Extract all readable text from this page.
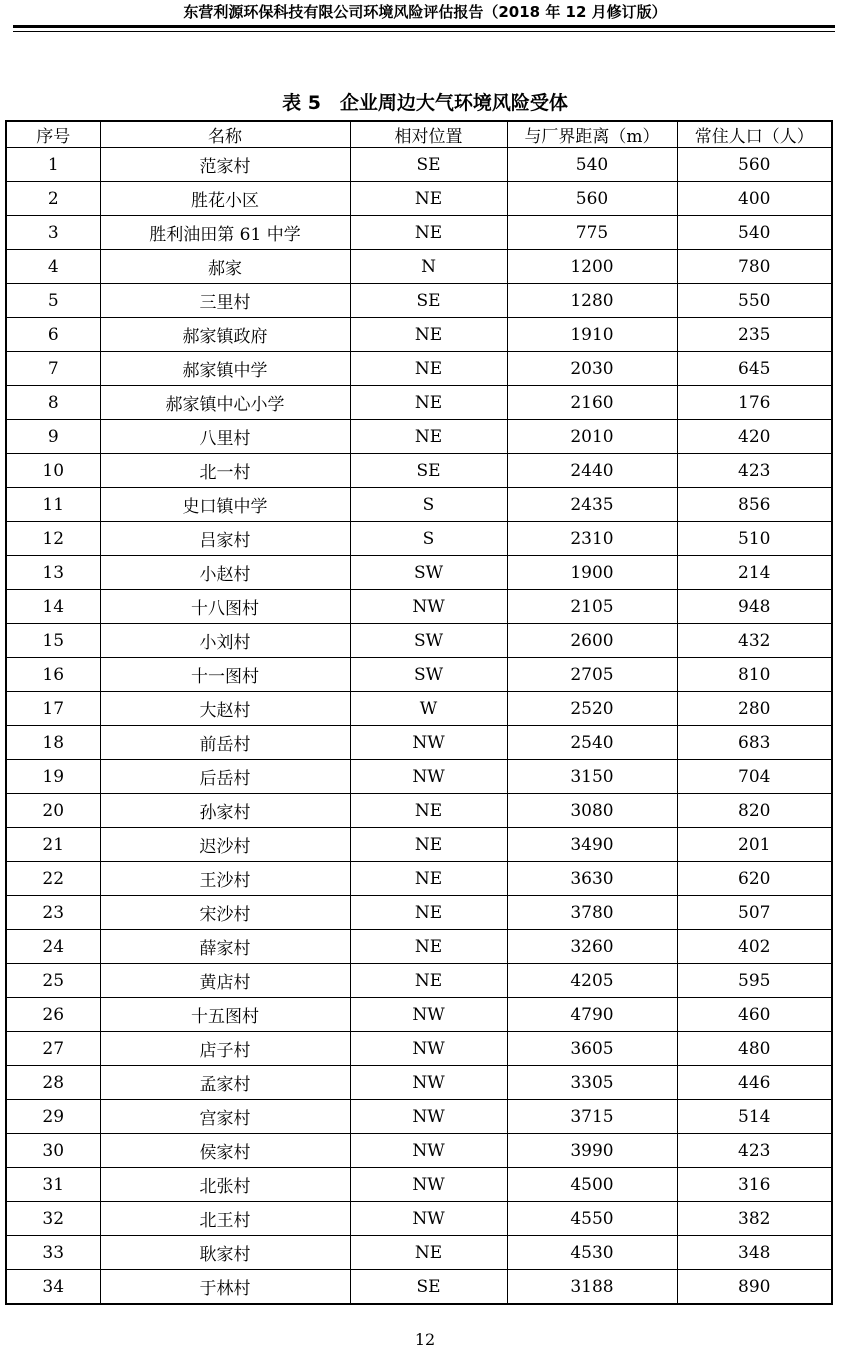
东营利源环保科技有限公司环境风险评估报告（2018 年 12 月修订版）
表 5　企业周边大气环境风险受体
序号	名称	相对位置	与厂界距离（m）	常住人口（人）
1	范家村	SE	540	560
2	胜花小区	NE	560	400
3	胜利油田第 61 中学	NE	775	540
4	郝家	N	1200	780
5	三里村	SE	1280	550
6	郝家镇政府	NE	1910	235
7	郝家镇中学	NE	2030	645
8	郝家镇中心小学	NE	2160	176
9	八里村	NE	2010	420
10	北一村	SE	2440	423
11	史口镇中学	S	2435	856
12	吕家村	S	2310	510
13	小赵村	SW	1900	214
14	十八图村	NW	2105	948
15	小刘村	SW	2600	432
16	十一图村	SW	2705	810
17	大赵村	W	2520	280
18	前岳村	NW	2540	683
19	后岳村	NW	3150	704
20	孙家村	NE	3080	820
21	迟沙村	NE	3490	201
22	王沙村	NE	3630	620
23	宋沙村	NE	3780	507
24	薛家村	NE	3260	402
25	黄店村	NE	4205	595
26	十五图村	NW	4790	460
27	店子村	NW	3605	480
28	孟家村	NW	3305	446
29	宫家村	NW	3715	514
30	侯家村	NW	3990	423
31	北张村	NW	4500	316
32	北王村	NW	4550	382
33	耿家村	NE	4530	348
34	于林村	SE	3188	890
12
